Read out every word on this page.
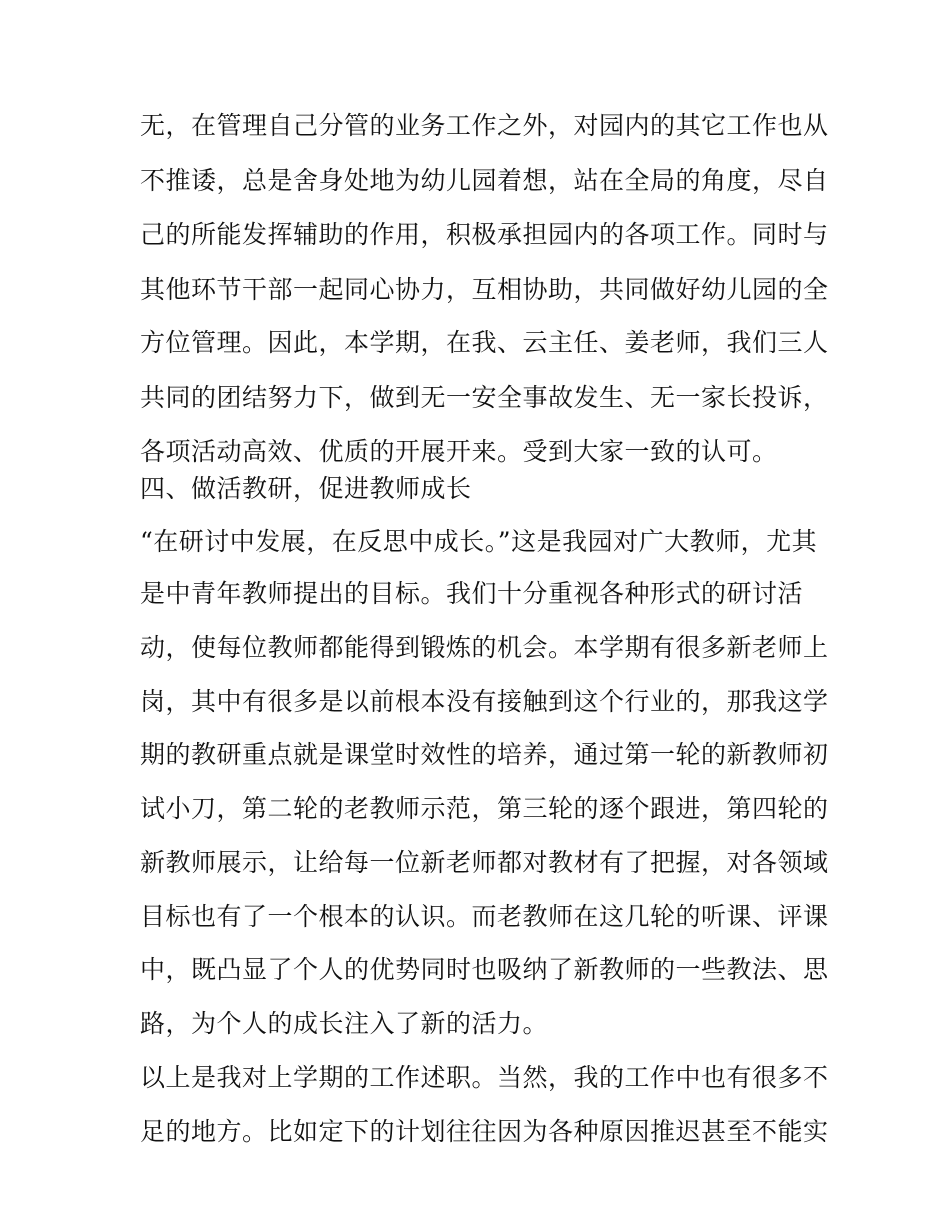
无，在管理自己分管的业务工作之外，对园内的其它工作也从
不推诿，总是舍身处地为幼儿园着想，站在全局的角度，尽自
己的所能发挥辅助的作用，积极承担园内的各项工作。同时与
其他环节干部一起同心协力，互相协助，共同做好幼儿园的全
方位管理。因此，本学期，在我、云主任、姜老师，我们三人
共同的团结努力下，做到无一安全事故发生、无一家长投诉，
各项活动高效、优质的开展开来。受到大家一致的认可。
四、做活教研，促进教师成长
“在研讨中发展，在反思中成长。”这是我园对广大教师，尤其
是中青年教师提出的目标。我们十分重视各种形式的研讨活
动，使每位教师都能得到锻炼的机会。本学期有很多新老师上
岗，其中有很多是以前根本没有接触到这个行业的，那我这学
期的教研重点就是课堂时效性的培养，通过第一轮的新教师初
试小刀，第二轮的老教师示范，第三轮的逐个跟进，第四轮的
新教师展示，让给每一位新老师都对教材有了把握，对各领域
目标也有了一个根本的认识。而老教师在这几轮的听课、评课
中，既凸显了个人的优势同时也吸纳了新教师的一些教法、思
路，为个人的成长注入了新的活力。
以上是我对上学期的工作述职。当然，我的工作中也有很多不
足的地方。比如定下的计划往往因为各种原因推迟甚至不能实
